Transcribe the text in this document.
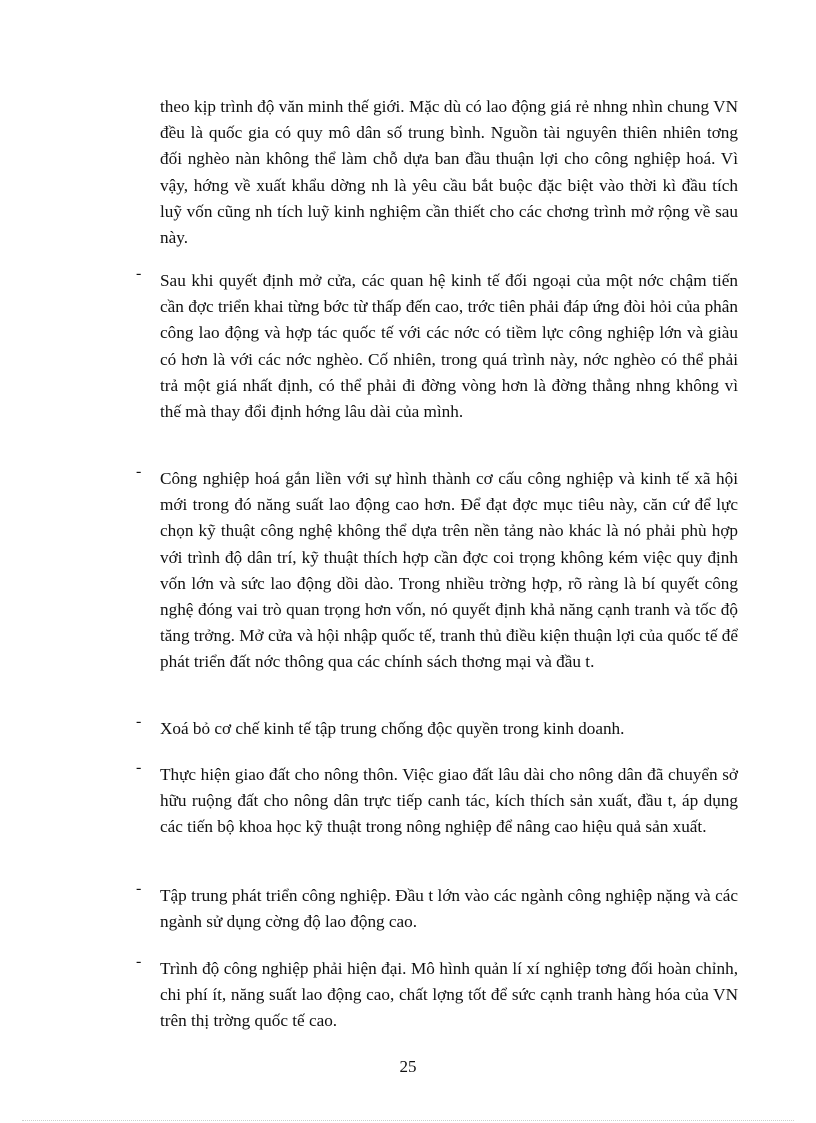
theo kịp trình độ văn minh thế giới. Mặc dù có lao động giá rẻ nhng nhìn chung VN đều là quốc gia có quy mô dân số trung bình. Nguồn tài nguyên thiên nhiên tơng đối nghèo nàn không thể làm chỗ dựa ban đầu thuận lợi cho công nghiệp hoá. Vì vậy, hớng về xuất khẩu dờng nh là yêu cầu bắt buộc đặc biệt vào thời kì đầu tích luỹ vốn cũng nh tích luỹ kinh nghiệm cần thiết cho các chơng trình mở rộng về sau này.

- Sau khi quyết định mở cửa, các quan hệ kinh tế đối ngoại của một nớc chậm tiến cần đợc triển khai từng bớc từ thấp đến cao, trớc tiên phải đáp ứng đòi hỏi của phân công lao động và hợp tác quốc tế với các nớc có tiềm lực công nghiệp lớn và giàu có hơn là với các nớc nghèo. Cố nhiên, trong quá trình này, nớc nghèo có thể phải trả một giá nhất định, có thể phải đi đờng vòng hơn là đờng thẳng nhng không vì thế mà thay đổi định hớng lâu dài của mình.

- Công nghiệp hoá gắn liền với sự hình thành cơ cấu công nghiệp và kinh tế xã hội mới trong đó năng suất lao động cao hơn. Để đạt đợc mục tiêu này, căn cứ để lực chọn kỹ thuật công nghệ không thể dựa trên nền tảng nào khác là nó phải phù hợp với trình độ dân trí, kỹ thuật thích hợp cần đợc coi trọng không kém việc quy định vốn lớn và sức lao động dồi dào. Trong nhiều trờng hợp, rõ ràng là bí quyết công nghệ đóng vai trò quan trọng hơn vốn, nó quyết định khả năng cạnh tranh và tốc độ tăng trởng. Mở cửa và hội nhập quốc tế, tranh thủ điều kiện thuận lợi của quốc tế để phát triển đất nớc thông qua các chính sách thơng mại và đầu t.

- Xoá bỏ cơ chế kinh tế tập trung chống độc quyền trong kinh doanh.

- Thực hiện giao đất cho nông thôn. Việc giao đất lâu dài cho nông dân đã chuyển sở hữu ruộng đất cho nông dân trực tiếp canh tác, kích thích sản xuất, đầu t, áp dụng các tiến bộ khoa học kỹ thuật trong nông nghiệp để nâng cao hiệu quả sản xuất.

- Tập trung phát triển công nghiệp. Đầu t lớn vào các ngành công nghiệp nặng và các ngành sử dụng cờng độ lao động cao.

- Trình độ công nghiệp phải hiện đại. Mô hình quản lí xí nghiệp tơng đối hoàn chỉnh, chi phí ít, năng suất lao động cao, chất lợng tốt để sức cạnh tranh hàng hóa của VN trên thị trờng quốc tế cao.

25
